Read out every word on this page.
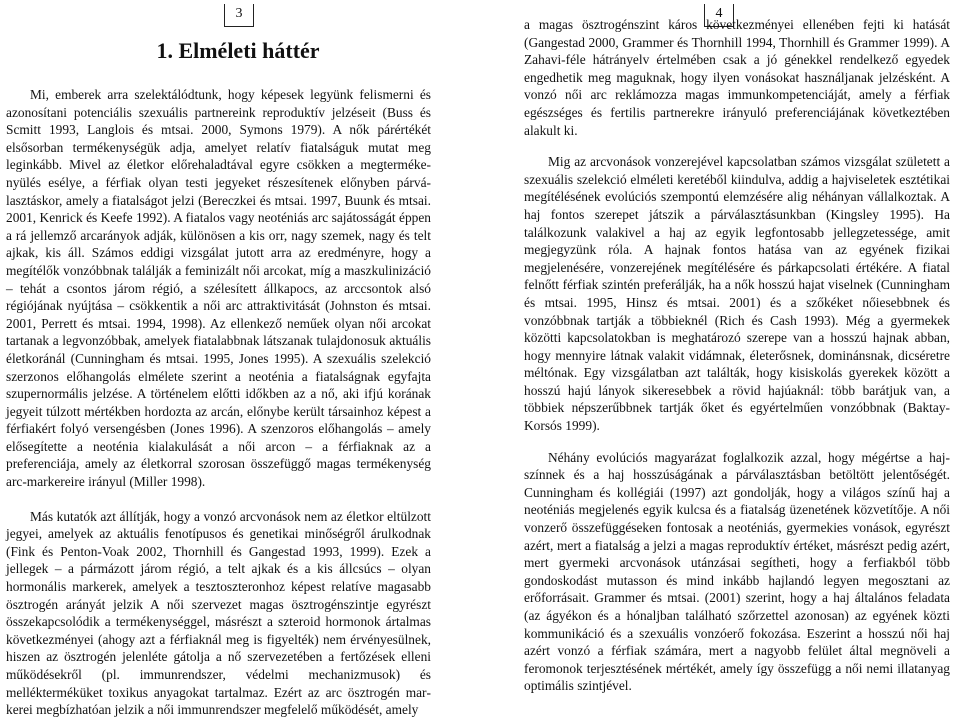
3
1. Elméleti háttér

Mi, emberek arra szelektálódtunk, hogy képesek legyünk felismerni és azonosítani potenciális szexuális partnereink reproduktív jelzéseit (Buss és Scmitt 1993, Langlois és mtsai. 2000, Symons 1979). A nők párértékét elsősorban termékenységük adja, amelyet relatív fiatalságuk mutat meg leginkább. Mivel az életkor előrehaladtával egyre csökken a megtermékenyülés esélye, a férfiak olyan testi jegyeket részesítenek előnyben párválasztáskor, amely a fiatalságot jelzi (Bereczkei és mtsai. 1997, Buunk és mtsai. 2001, Kenrick és Keefe 1992). A fiatalos vagy neoténiás arc sajátosságát éppen a rá jellemző arcarányok adják, különösen a kis orr, nagy szemek, nagy és telt ajkak, kis áll. Számos eddigi vizsgálat jutott arra az eredményre, hogy a megítélők vonzóbbnak találják a feminizált női arcokat, míg a maszkulinizáció – tehát a csontos járom régió, a szélesített állkapocs, az arccsontok alsó régiójának nyújtása – csökkentik a női arc attraktivitását (Johnston és mtsai. 2001, Perrett és mtsai. 1994, 1998). Az ellenkező neműek olyan női arcokat tartanak a legvonzóbbak, amelyek fiatalabbnak látszanak tulajdonosuk aktuális életkoránál (Cunningham és mtsai. 1995, Jones 1995). A szexuális szelekció szerzonos előhangolás elmélete szerint a neoténia a fiatalságnak egyfajta szupernormális jelzése. A történelem előtti időkben az a nő, aki ifjú korának jegyeit túlzott mértékben hordozta az arcán, előnybe került társainhoz képest a férfiakért folyó versengésben (Jones 1996). A szenzoros előhangolás – amely elősegítette a neoténia kialakulását a női arcon – a férfiaknak az a preferenciája, amely az életkorral szorosan összefüggő magas termékenység arc-markereire irányul (Miller 1998).

Más kutatók azt állítják, hogy a vonzó arcvonások nem az életkor eltülzott jegyei, amelyek az aktuális fenotípusos és genetikai minőségről árulkodnak (Fink és Penton-Voak 2002, Thornhill és Gangestad 1993, 1999). Ezek a jellegek – a pármázott járom régió, a telt ajkak és a kis állcsúcs – olyan hormonális markerek, amelyek a tesztoszteronhoz képest relatíve magasabb ösztrogén arányát jelzik A női szervezet magas ösztrogénszintje egyrészt összekapcsolódik a termékenységgel, másrészt a szteroid hormonok ártalmas következményei (ahogy azt a férfiaknál meg is figyelték) nem érvényesülnek, hiszen az ösztrogén jelenléte gátolja a nő szervezetében a fertőzések elleni működésekről (pl. immunrendszer, védelmi mechanizmusok) és mellékterméküket toxikus anyagokat tartalmaz. Ezért az arc ösztrogén markerei megbízhatóan jelzik a női immunrendszer megfelelő működését, amely

4

a magas ösztrogénszint káros következményei ellenében fejti ki hatását (Gangestad 2000, Grammer és Thornhill 1994, Thornhill és Grammer 1999). A Zahavi-féle hátrányelv értelmében csak a jó génekkel rendelkező egyedek engedhetik meg maguknak, hogy ilyen vonásokat használjanak jelzésként. A vonzó női arc reklámozza magas immunkompetenciáját, amely a férfiak egészséges és fertilis partnerekre irányuló preferenciájának következtében alakult ki.

Mig az arcvonások vonzerejével kapcsolatban számos vizsgálat született a szexuális szelekció elméleti keretéből kiindulva, addig a hajviseletek esztétikai megítélésének evolúciós szempontú elemzésére alig néhányan vállalkoztak. A haj fontos szerepet játszik a párválasztásunkban (Kingsley 1995). Ha találkozunk valakivel a haj az egyik legfontosabb jellegzetessége, amit megjegyzünk róla. A hajnak fontos hatása van az egyének fizikai megjelenésére, vonzerejének megítélésére és párkapcsolati értékére. A fiatal felnőtt férfiak szintén preferálják, ha a nők hosszú hajat viselnek (Cunningham és mtsai. 1995, Hinsz és mtsai. 2001) és a szőkéket nőiesebbnek és vonzóbbnak tartják a többieknél (Rich és Cash 1993). Még a gyermekek közötti kapcsolatokban is meghatározó szerepe van a hosszú hajnak abban, hogy mennyire látnak valakit vidámnak, életerősnek, dominánsnak, dicséretre méltónak. Egy vizsgálatban azt találták, hogy kisiskolás gyerekek között a hosszú hajú lányok sikeresebbek a rövid hajúaknál: több barátjuk van, a többiek népszerűbbnek tartják őket és egyértelműen vonzóbbnak (Baktay-Korsós 1999).

Néhány evolúciós magyarázat foglalkozik azzal, hogy mégértse a hajszínnek és a haj hosszúságának a párválasztásban betöltött jelentőségét. Cunningham és kollégiái (1997) azt gondolják, hogy a világos színű haj a neoténiás megjelenés egyik kulcsa és a fiatalság üzenetének közvetítője. A női vonzerő összefüggéseken fontosak a neoténiás, gyermekies vonások, egyrészt azért, mert a fiatalság a jelzi a magas reproduktív értéket, másrészt pedig azért, mert gyermeki arcvonások utánzásai segítheti, hogy a ferfiakból több gondoskodást mutasson és mind inkább hajlandó legyen megosztani az erőforrásait. Grammer és mtsai. (2001) szerint, hogy a haj általános feladata (az ágyékon és a hónaljban található szőrzettel azonosan) az egyének közti kommunikáció és a szexuális vonzóerő fokozása. Eszerint a hosszú női haj azért vonzó a férfiak számára, mert a nagyobb felület által megnöveli a feromonok terjesztésének mértékét, amely így összefügg a női nemi illatanyag optimális szintjével.
